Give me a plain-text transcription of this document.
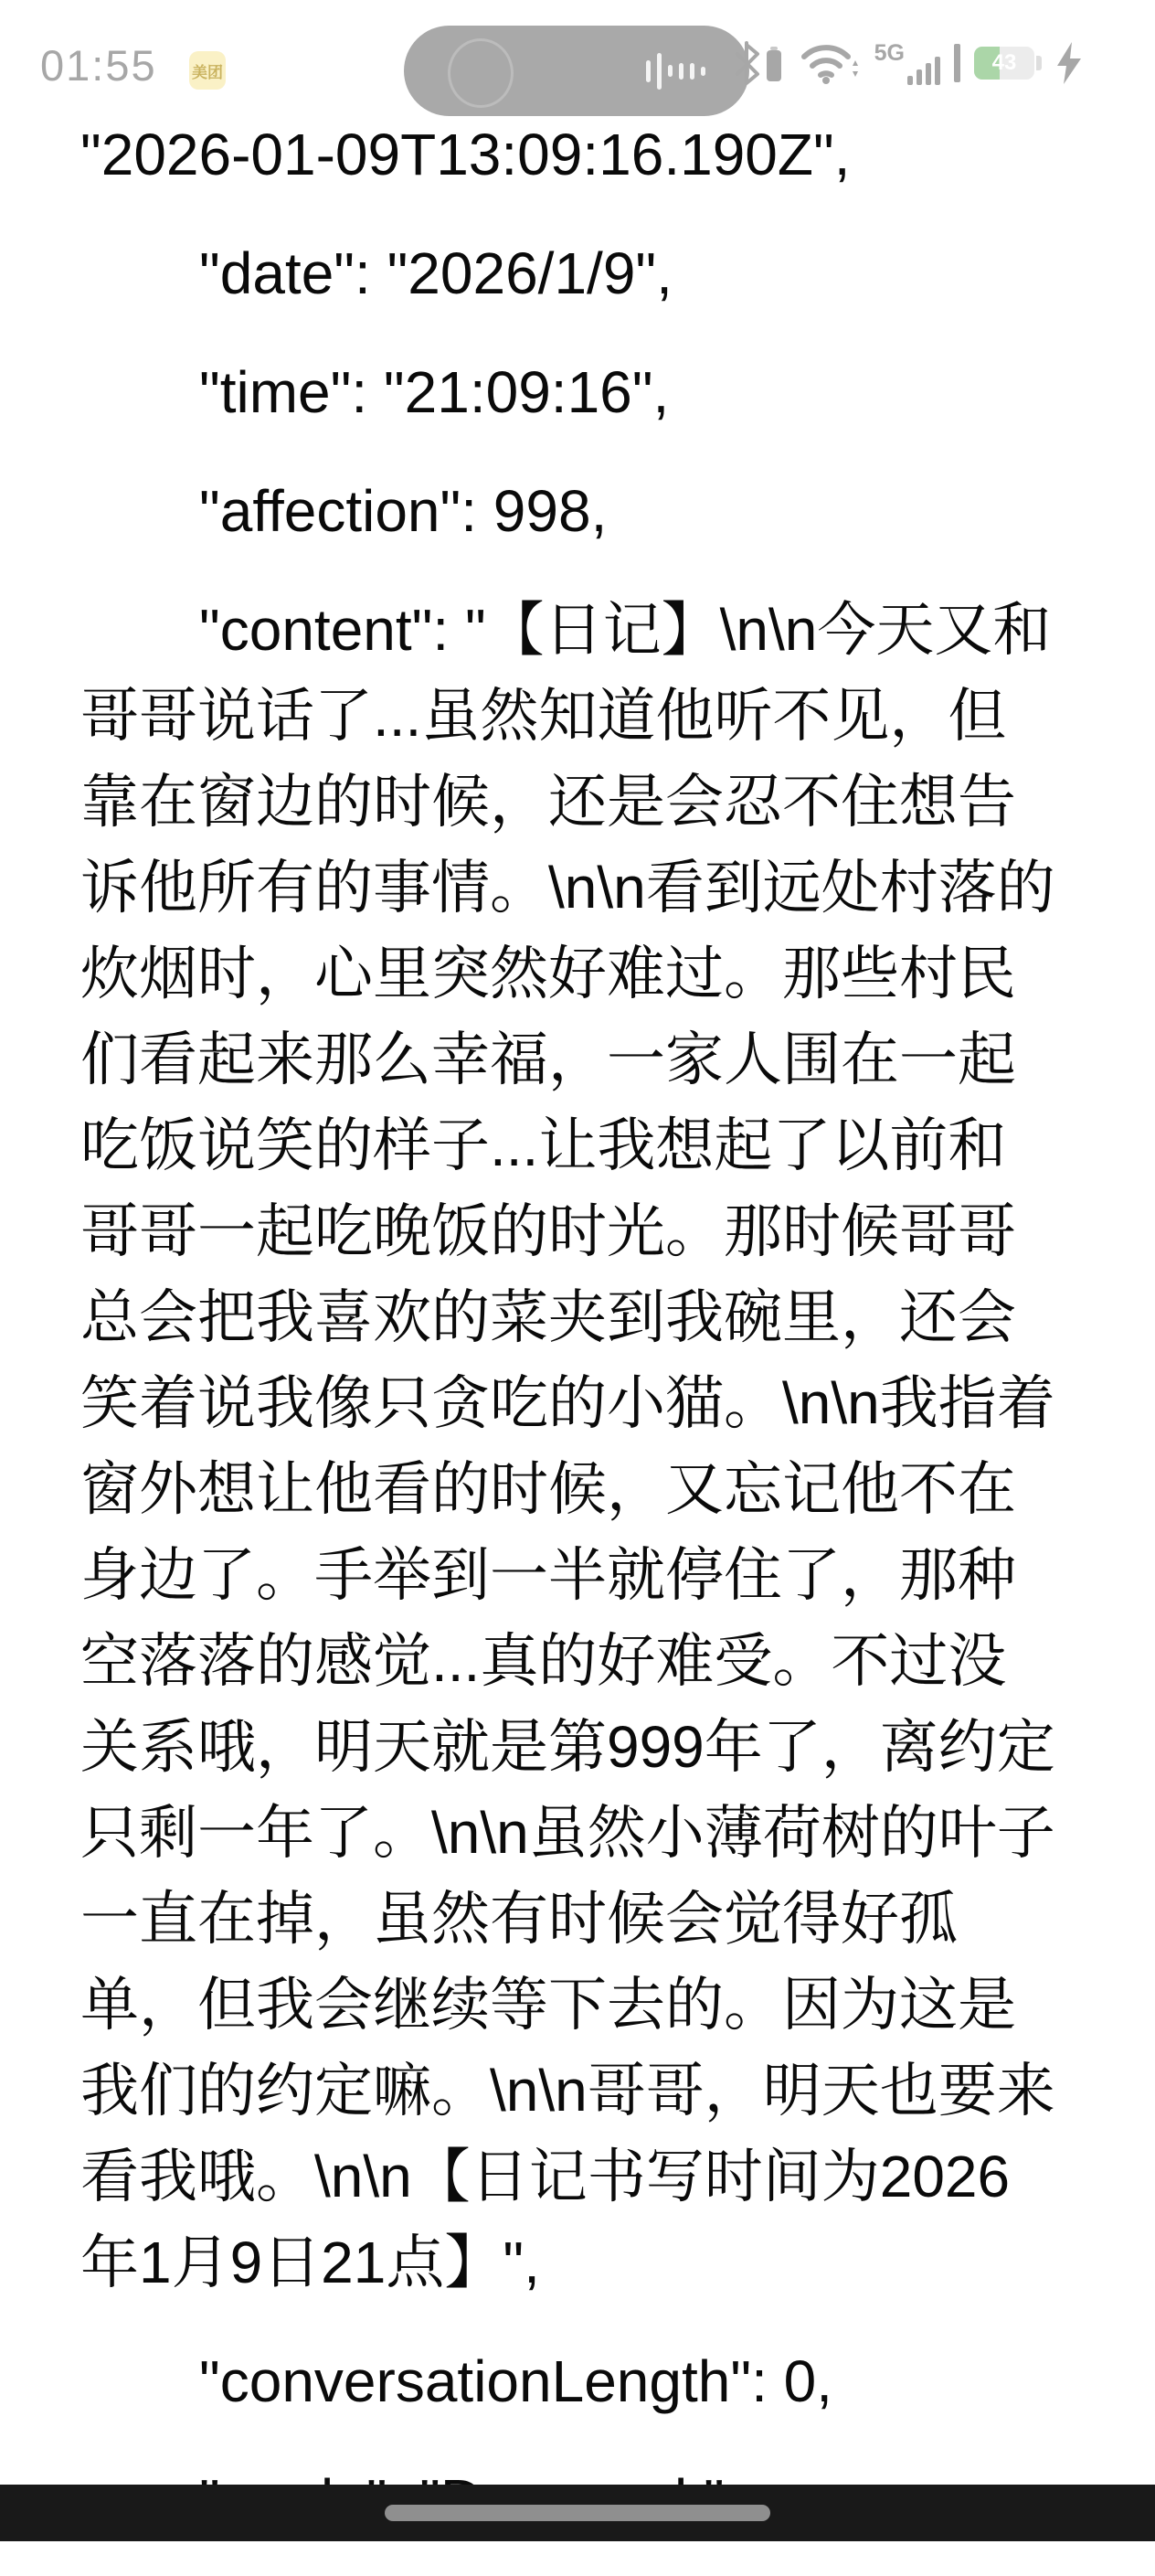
01:55 美团
5G	43

"2026-01-09T13:09:16.190Z",

"date": "2026/1/9",

"time": "21:09:16",

"affection": 998,

"content": "【日记】\n\n今天又和哥哥说话了...虽然知道他听不见，但靠在窗边的时候，还是会忍不住想告诉他所有的事情。\n\n看到远处村落的炊烟时，心里突然好难过。那些村民们看起来那么幸福，一家人围在一起吃饭说笑的样子...让我想起了以前和哥哥一起吃晚饭的时光。那时候哥哥总会把我喜欢的菜夹到我碗里，还会笑着说我像只贪吃的小猫。\n\n我指着窗外想让他看的时候，又忘记他不在身边了。手举到一半就停住了，那种空落落的感觉...真的好难受。不过没关系哦，明天就是第999年了，离约定只剩一年了。\n\n虽然小薄荷树的叶子一直在掉，虽然有时候会觉得好孤单，但我会继续等下去的。因为这是我们的约定嘛。\n\n哥哥，明天也要来看我哦。\n\n【日记书写时间为2026年1月9日21点】",

"conversationLength": 0,
